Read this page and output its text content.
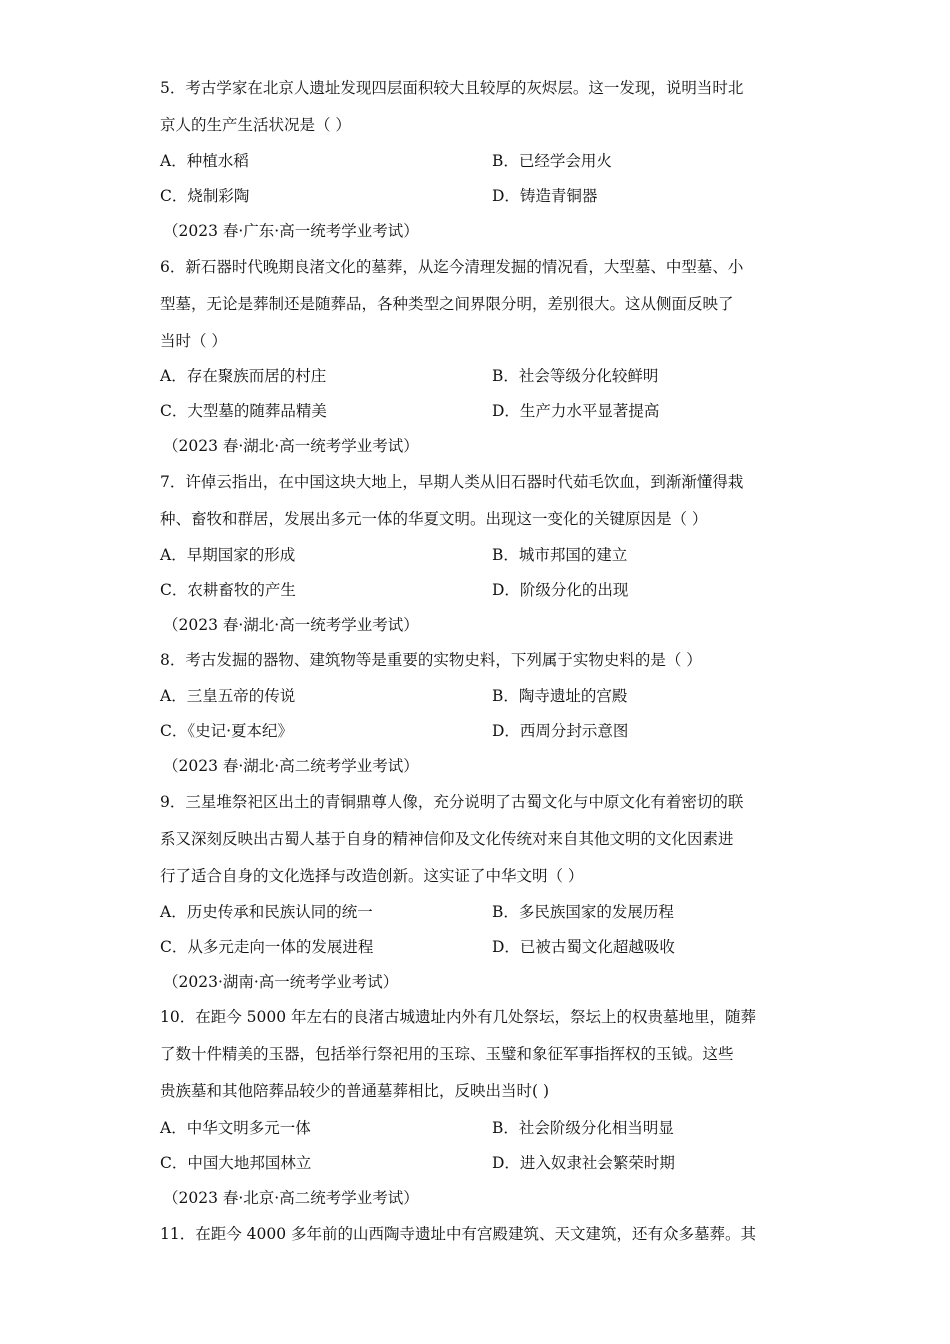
5．考古学家在北京人遗址发现四层面积较大且较厚的灰烬层。这一发现，说明当时北
京人的生产生活状况是（ ）
A．种植水稻	B．已经学会用火
C．烧制彩陶	D．铸造青铜器
（2023 春·广东·高一统考学业考试）
6．新石器时代晚期良渚文化的墓葬，从迄今清理发掘的情况看，大型墓、中型墓、小
型墓，无论是葬制还是随葬品，各种类型之间界限分明，差别很大。这从侧面反映了
当时（ ）
A．存在聚族而居的村庄	B．社会等级分化较鲜明
C．大型墓的随葬品精美	D．生产力水平显著提高
（2023 春·湖北·高一统考学业考试）
7．许倬云指出，在中国这块大地上，早期人类从旧石器时代茹毛饮血，到渐渐懂得栽
种、畜牧和群居，发展出多元一体的华夏文明。出现这一变化的关键原因是（ ）
A．早期国家的形成	B．城市邦国的建立
C．农耕畜牧的产生	D．阶级分化的出现
（2023 春·湖北·高一统考学业考试）
8．考古发掘的器物、建筑物等是重要的实物史料，下列属于实物史料的是（ ）
A．三皇五帝的传说	B．陶寺遗址的宫殿
C．《史记·夏本纪》	D．西周分封示意图
（2023 春·湖北·高二统考学业考试）
9．三星堆祭祀区出土的青铜鼎尊人像，充分说明了古蜀文化与中原文化有着密切的联
系又深刻反映出古蜀人基于自身的精神信仰及文化传统对来自其他文明的文化因素进
行了适合自身的文化选择与改造创新。这实证了中华文明（ ）
A．历史传承和民族认同的统一	B．多民族国家的发展历程
C．从多元走向一体的发展进程	D．已被古蜀文化超越吸收
（2023·湖南·高一统考学业考试）
10．在距今 5000 年左右的良渚古城遗址内外有几处祭坛，祭坛上的权贵墓地里，随葬
了数十件精美的玉器，包括举行祭祀用的玉琮、玉璧和象征军事指挥权的玉钺。这些
贵族墓和其他陪葬品较少的普通墓葬相比，反映出当时( )
A．中华文明多元一体	B．社会阶级分化相当明显
C．中国大地邦国林立	D．进入奴隶社会繁荣时期
（2023 春·北京·高二统考学业考试）
11．在距今 4000 多年前的山西陶寺遗址中有宫殿建筑、天文建筑，还有众多墓葬。其
